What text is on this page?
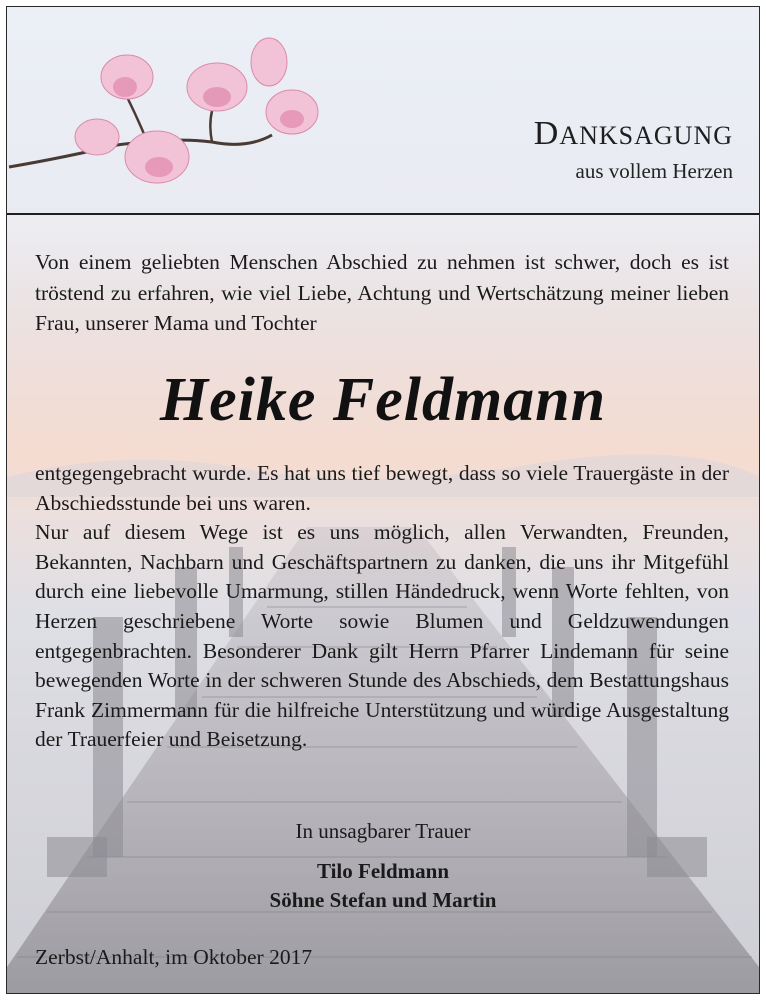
DANKSAGUNG
aus vollem Herzen

Von einem geliebten Menschen Abschied zu nehmen ist schwer, doch es ist tröstend zu erfahren, wie viel Liebe, Achtung und Wertschätzung meiner lieben Frau, unserer Mama und Tochter

Heike Feldmann

entgegengebracht wurde. Es hat uns tief bewegt, dass so viele Trauergäste in der Abschiedsstunde bei uns waren.

Nur auf diesem Wege ist es uns möglich, allen Verwandten, Freunden, Bekannten, Nachbarn und Geschäftspartnern zu danken, die uns ihr Mitgefühl durch eine liebevolle Umarmung, stillen Händedruck, wenn Worte fehlten, von Herzen geschriebene Worte sowie Blumen und Geldzuwendungen entgegenbrachten. Besonderer Dank gilt Herrn Pfarrer Lindemann für seine bewegenden Worte in der schweren Stunde des Abschieds, dem Bestattungshaus Frank Zimmermann für die hilfreiche Unterstützung und würdige Ausgestaltung der Trauerfeier und Beisetzung.

In unsagbarer Trauer
Tilo Feldmann
Söhne Stefan und Martin
Zerbst/Anhalt, im Oktober 2017
